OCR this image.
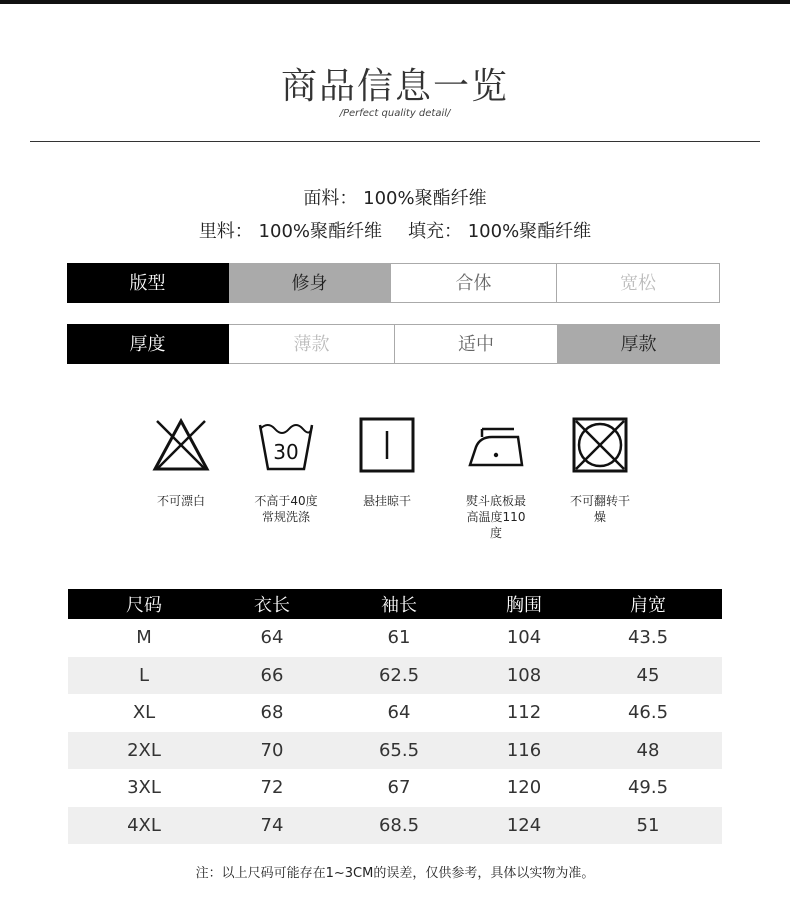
商品信息一览
/Perfect quality detail/
面料： 100%聚酯纤维
里料： 100%聚酯纤维 填充： 100%聚酯纤维
版型	修身	合体	宽松
厚度	薄款	适中	厚款
不可漂白
30
不高于40度常规洗涤
悬挂晾干	熨斗底板最高温度110度
不可翻转干燥
尺码	衣长	袖长	胸围	肩宽
M	64	61	104	43.5
L	66	62.5	108	45
XL	68	64	112	46.5
2XL	70	65.5	116	48
3XL	72	67	120	49.5
4XL	74	68.5	124	51
注：以上尺码可能存在1~3CM的误差，仅供参考，具体以实物为准。
